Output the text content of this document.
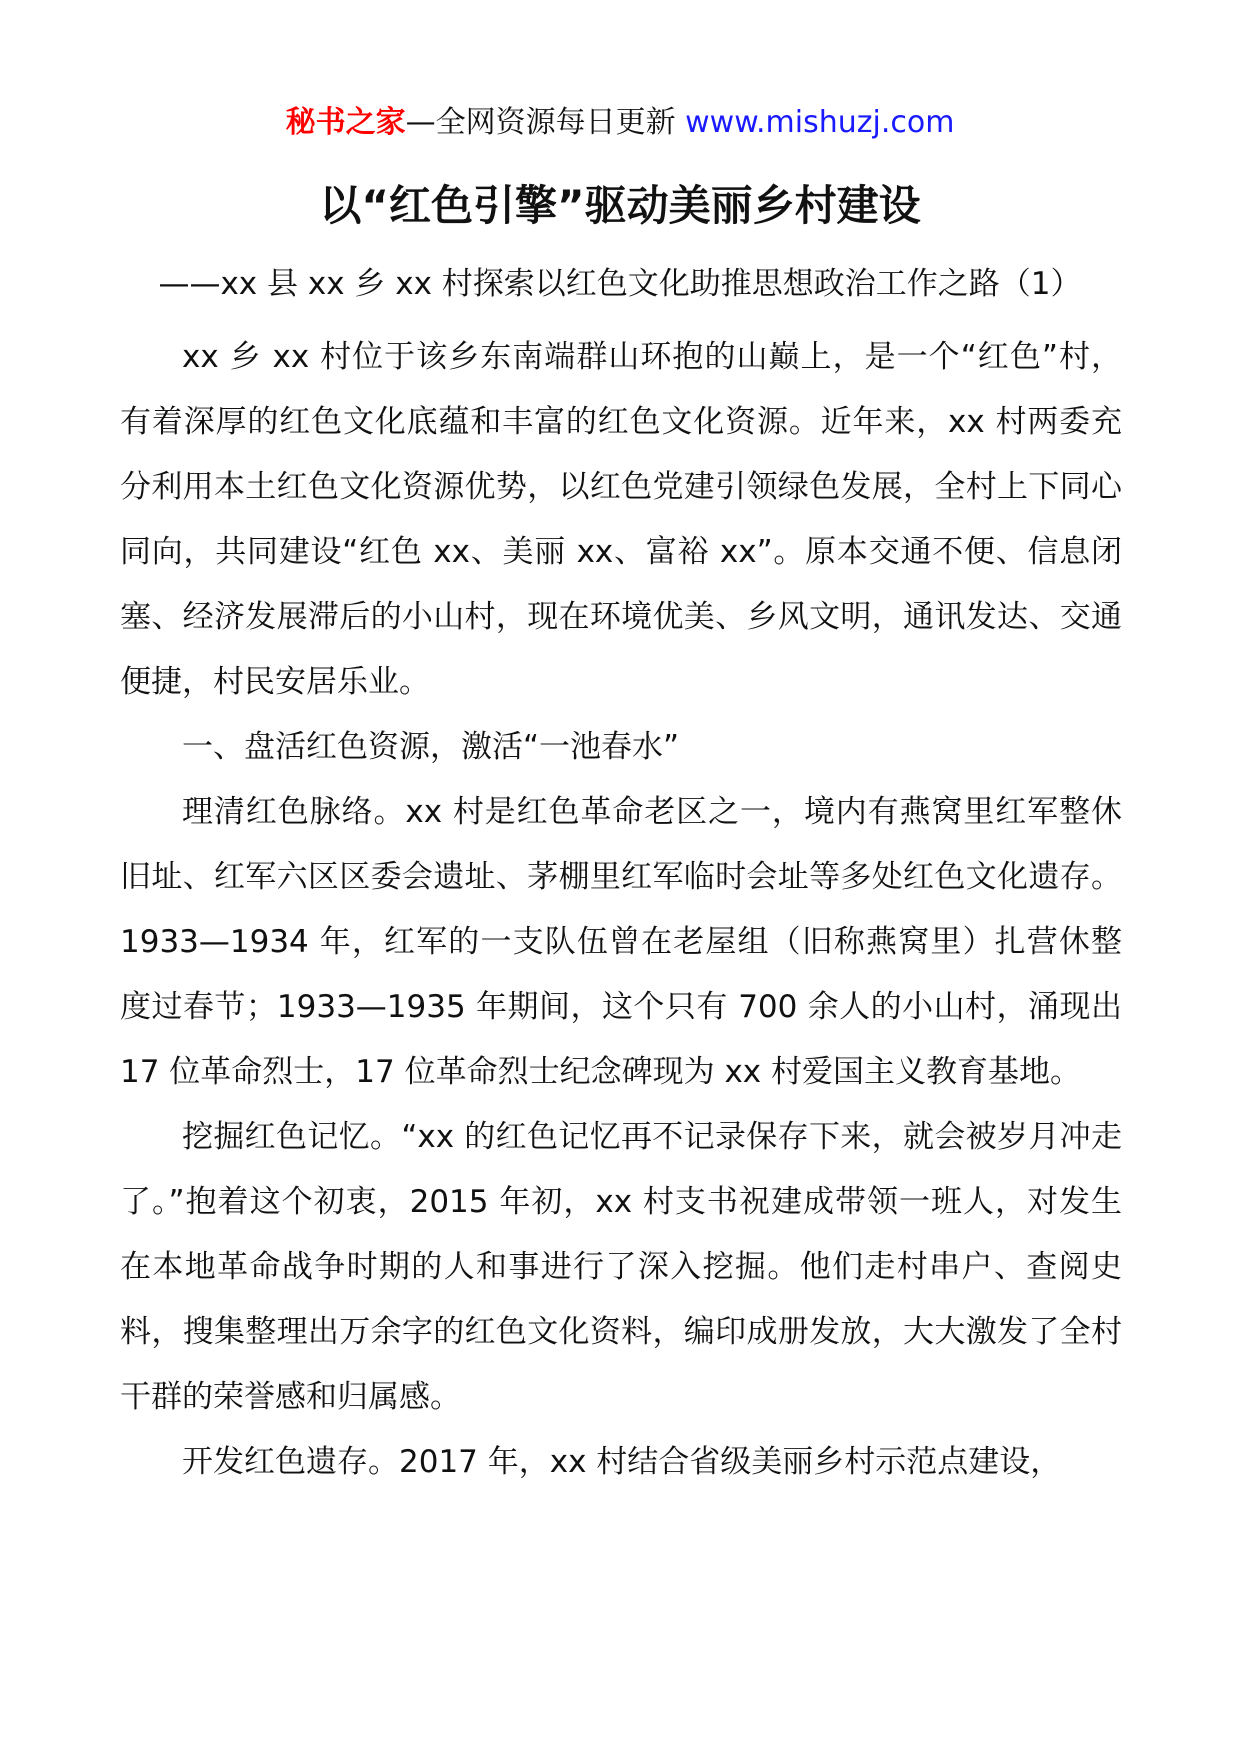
秘书之家—全网资源每日更新 www.mishuzj.com
以“红色引擎”驱动美丽乡村建设
——xx 县 xx 乡 xx 村探索以红色文化助推思想政治工作之路（1）

xx 乡 xx 村位于该乡东南端群山环抱的山巅上，是一个“红色”村，有着深厚的红色文化底蕴和丰富的红色文化资源。近年来，xx 村两委充分利用本土红色文化资源优势，以红色党建引领绿色发展，全村上下同心同向，共同建设“红色 xx、美丽 xx、富裕 xx”。原本交通不便、信息闭塞、经济发展滞后的小山村，现在环境优美、乡风文明，通讯发达、交通便捷，村民安居乐业。

一、盘活红色资源，激活“一池春水”

理清红色脉络。xx 村是红色革命老区之一，境内有燕窝里红军整休旧址、红军六区区委会遗址、茅棚里红军临时会址等多处红色文化遗存。1933—1934 年，红军的一支队伍曾在老屋组（旧称燕窝里）扎营休整度过春节；1933—1935 年期间，这个只有 700 余人的小山村，涌现出 17 位革命烈士，17 位革命烈士纪念碑现为 xx 村爱国主义教育基地。

挖掘红色记忆。“xx 的红色记忆再不记录保存下来，就会被岁月冲走了。”抱着这个初衷，2015 年初，xx 村支书祝建成带领一班人，对发生在本地革命战争时期的人和事进行了深入挖掘。他们走村串户、查阅史料，搜集整理出万余字的红色文化资料，编印成册发放，大大激发了全村干群的荣誉感和归属感。

开发红色遗存。2017 年，xx 村结合省级美丽乡村示范点建设，
